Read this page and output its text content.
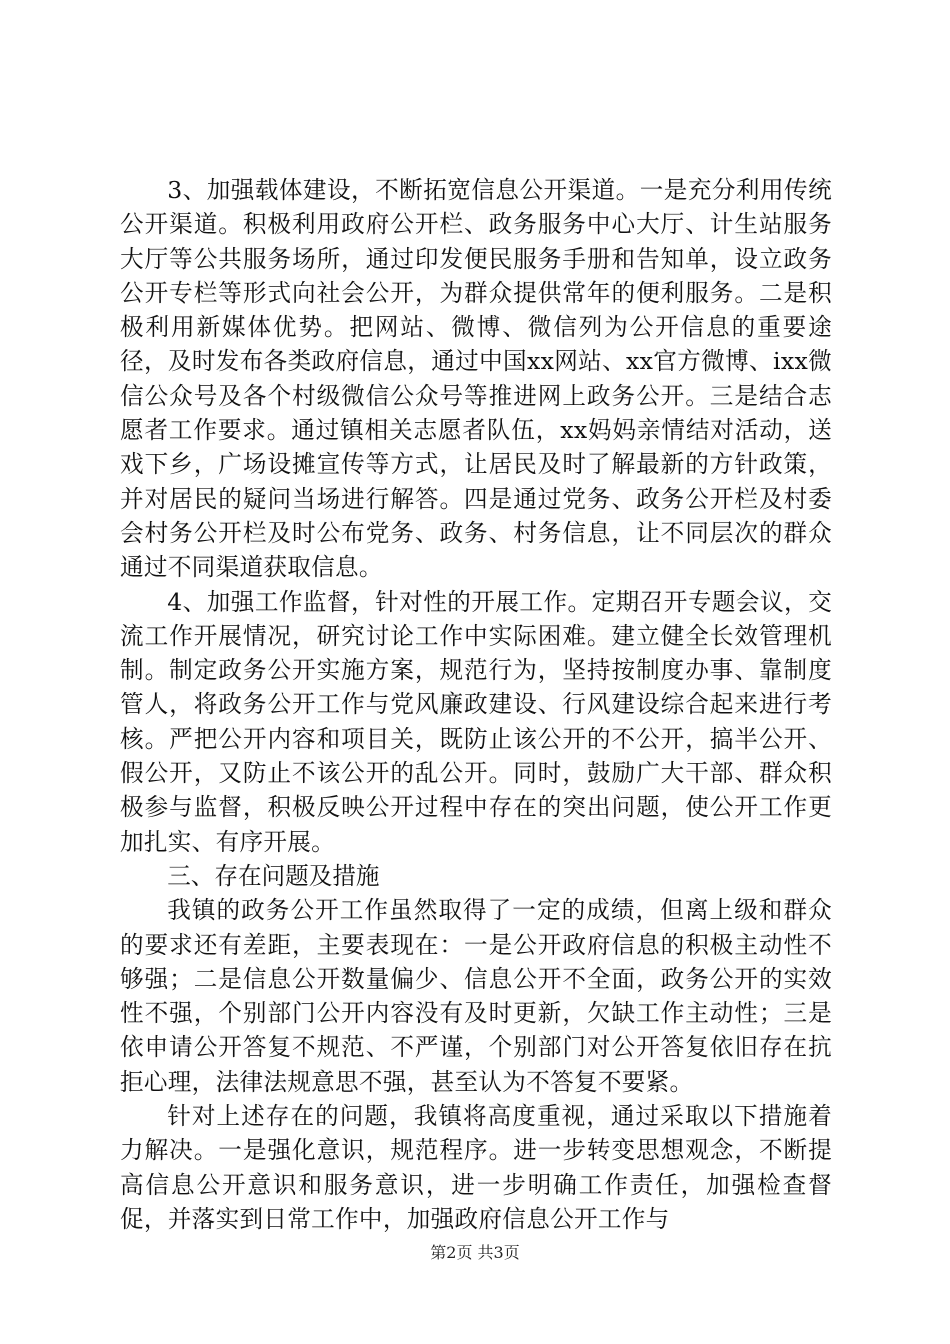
3、加强载体建设，不断拓宽信息公开渠道。一是充分利用传统公开渠道。积极利用政府公开栏、政务服务中心大厅、计生站服务大厅等公共服务场所，通过印发便民服务手册和告知单，设立政务公开专栏等形式向社会公开，为群众提供常年的便利服务。二是积极利用新媒体优势。把网站、微博、微信列为公开信息的重要途径，及时发布各类政府信息，通过中国xx网站、xx官方微博、ixx微信公众号及各个村级微信公众号等推进网上政务公开。三是结合志愿者工作要求。通过镇相关志愿者队伍，xx妈妈亲情结对活动，送戏下乡，广场设摊宣传等方式，让居民及时了解最新的方针政策，并对居民的疑问当场进行解答。四是通过党务、政务公开栏及村委会村务公开栏及时公布党务、政务、村务信息，让不同层次的群众通过不同渠道获取信息。

4、加强工作监督，针对性的开展工作。定期召开专题会议，交流工作开展情况，研究讨论工作中实际困难。建立健全长效管理机制。制定政务公开实施方案，规范行为，坚持按制度办事、靠制度管人，将政务公开工作与党风廉政建设、行风建设综合起来进行考核。严把公开内容和项目关，既防止该公开的不公开，搞半公开、假公开，又防止不该公开的乱公开。同时，鼓励广大干部、群众积极参与监督，积极反映公开过程中存在的突出问题，使公开工作更加扎实、有序开展。

三、存在问题及措施

我镇的政务公开工作虽然取得了一定的成绩，但离上级和群众的要求还有差距，主要表现在：一是公开政府信息的积极主动性不够强；二是信息公开数量偏少、信息公开不全面，政务公开的实效性不强，个别部门公开内容没有及时更新，欠缺工作主动性；三是依申请公开答复不规范、不严谨，个别部门对公开答复依旧存在抗拒心理，法律法规意思不强，甚至认为不答复不要紧。

针对上述存在的问题，我镇将高度重视，通过采取以下措施着力解决。一是强化意识，规范程序。进一步转变思想观念，不断提高信息公开意识和服务意识，进一步明确工作责任，加强检查督促，并落实到日常工作中，加强政府信息公开工作与

第2页 共3页
